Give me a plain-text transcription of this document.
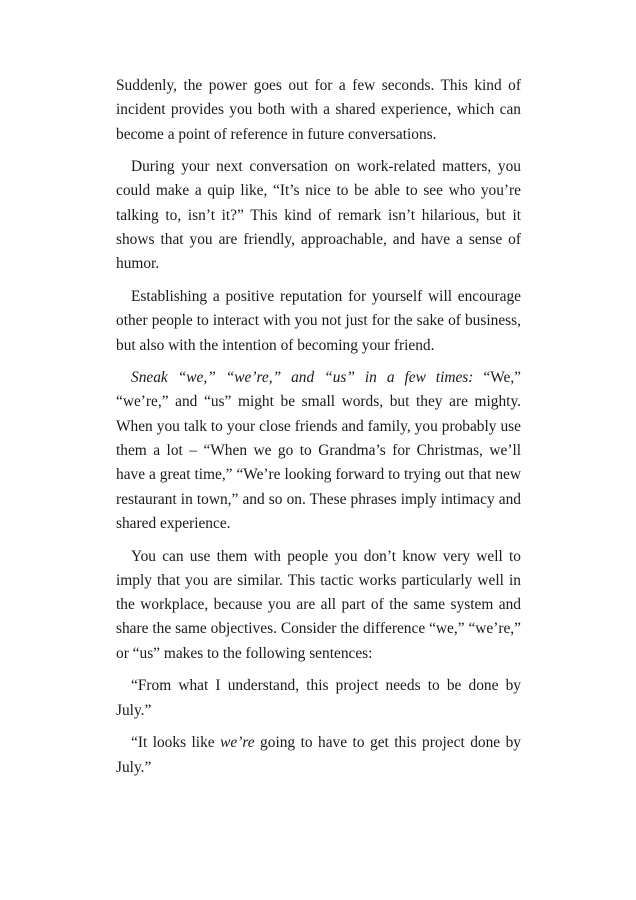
Suddenly, the power goes out for a few seconds. This kind of incident provides you both with a shared experience, which can become a point of reference in future conversations.

During your next conversation on work-related matters, you could make a quip like, “It’s nice to be able to see who you’re talking to, isn’t it?” This kind of remark isn’t hilarious, but it shows that you are friendly, approachable, and have a sense of humor.

Establishing a positive reputation for yourself will encourage other people to interact with you not just for the sake of business, but also with the intention of becoming your friend.

Sneak “we,” “we’re,” and “us” in a few times: “We,” “we’re,” and “us” might be small words, but they are mighty. When you talk to your close friends and family, you probably use them a lot – “When we go to Grandma’s for Christmas, we’ll have a great time,” “We’re looking forward to trying out that new restaurant in town,” and so on. These phrases imply intimacy and shared experience.

You can use them with people you don’t know very well to imply that you are similar. This tactic works particularly well in the workplace, because you are all part of the same system and share the same objectives. Consider the difference “we,” “we’re,” or “us” makes to the following sentences:

“From what I understand, this project needs to be done by July.”

“It looks like we’re going to have to get this project done by July.”
